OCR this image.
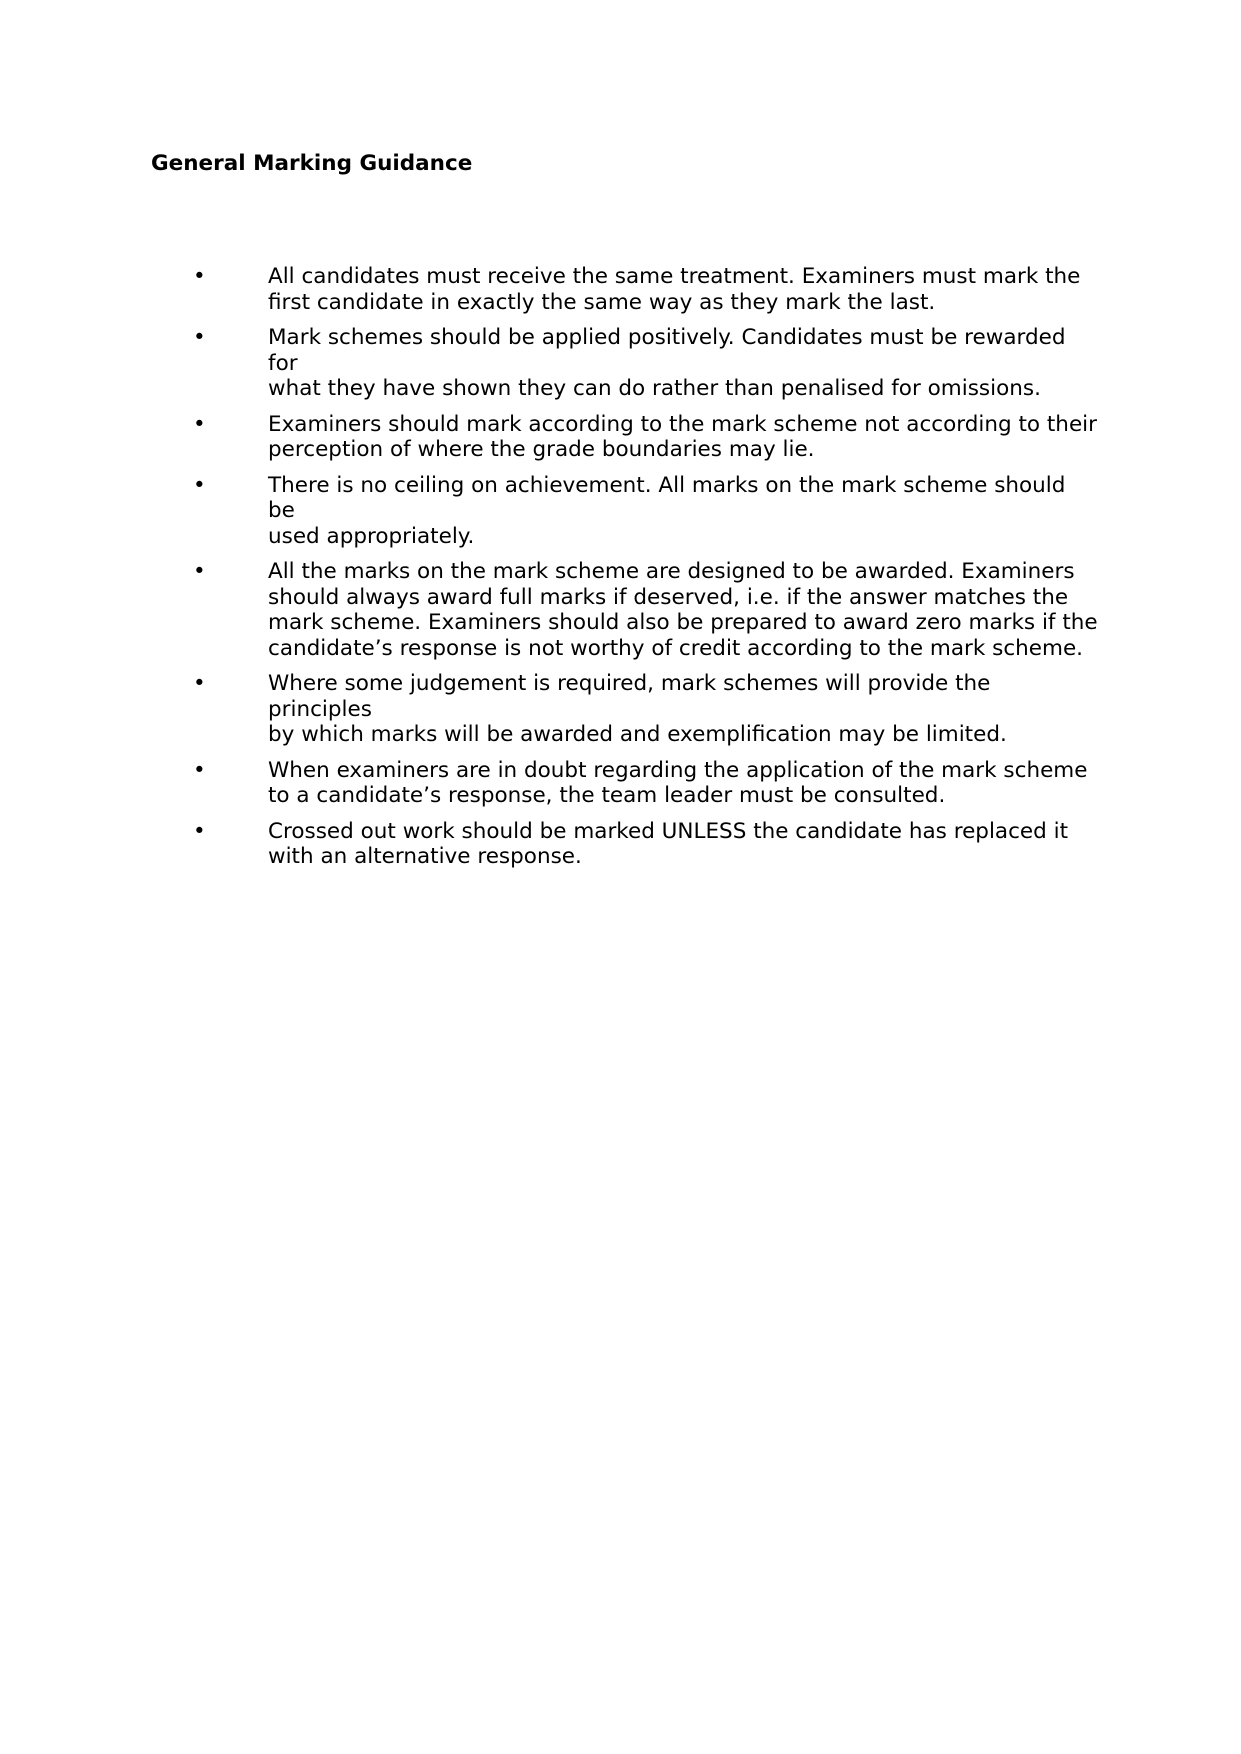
General Marking Guidance
•	All candidates must receive the same treatment. Examiners must mark the
first candidate in exactly the same way as they mark the last.
•	Mark schemes should be applied positively. Candidates must be rewarded for
what they have shown they can do rather than penalised for omissions.
•	Examiners should mark according to the mark scheme not according to their
perception of where the grade boundaries may lie.
•	There is no ceiling on achievement. All marks on the mark scheme should be
used appropriately.
•	All the marks on the mark scheme are designed to be awarded. Examiners
should always award full marks if deserved, i.e. if the answer matches the
mark scheme. Examiners should also be prepared to award zero marks if the
candidate’s response is not worthy of credit according to the mark scheme.
•	Where some judgement is required, mark schemes will provide the principles
by which marks will be awarded and exemplification may be limited.
•	When examiners are in doubt regarding the application of the mark scheme
to a candidate’s response, the team leader must be consulted.
•	Crossed out work should be marked UNLESS the candidate has replaced it
with an alternative response.
